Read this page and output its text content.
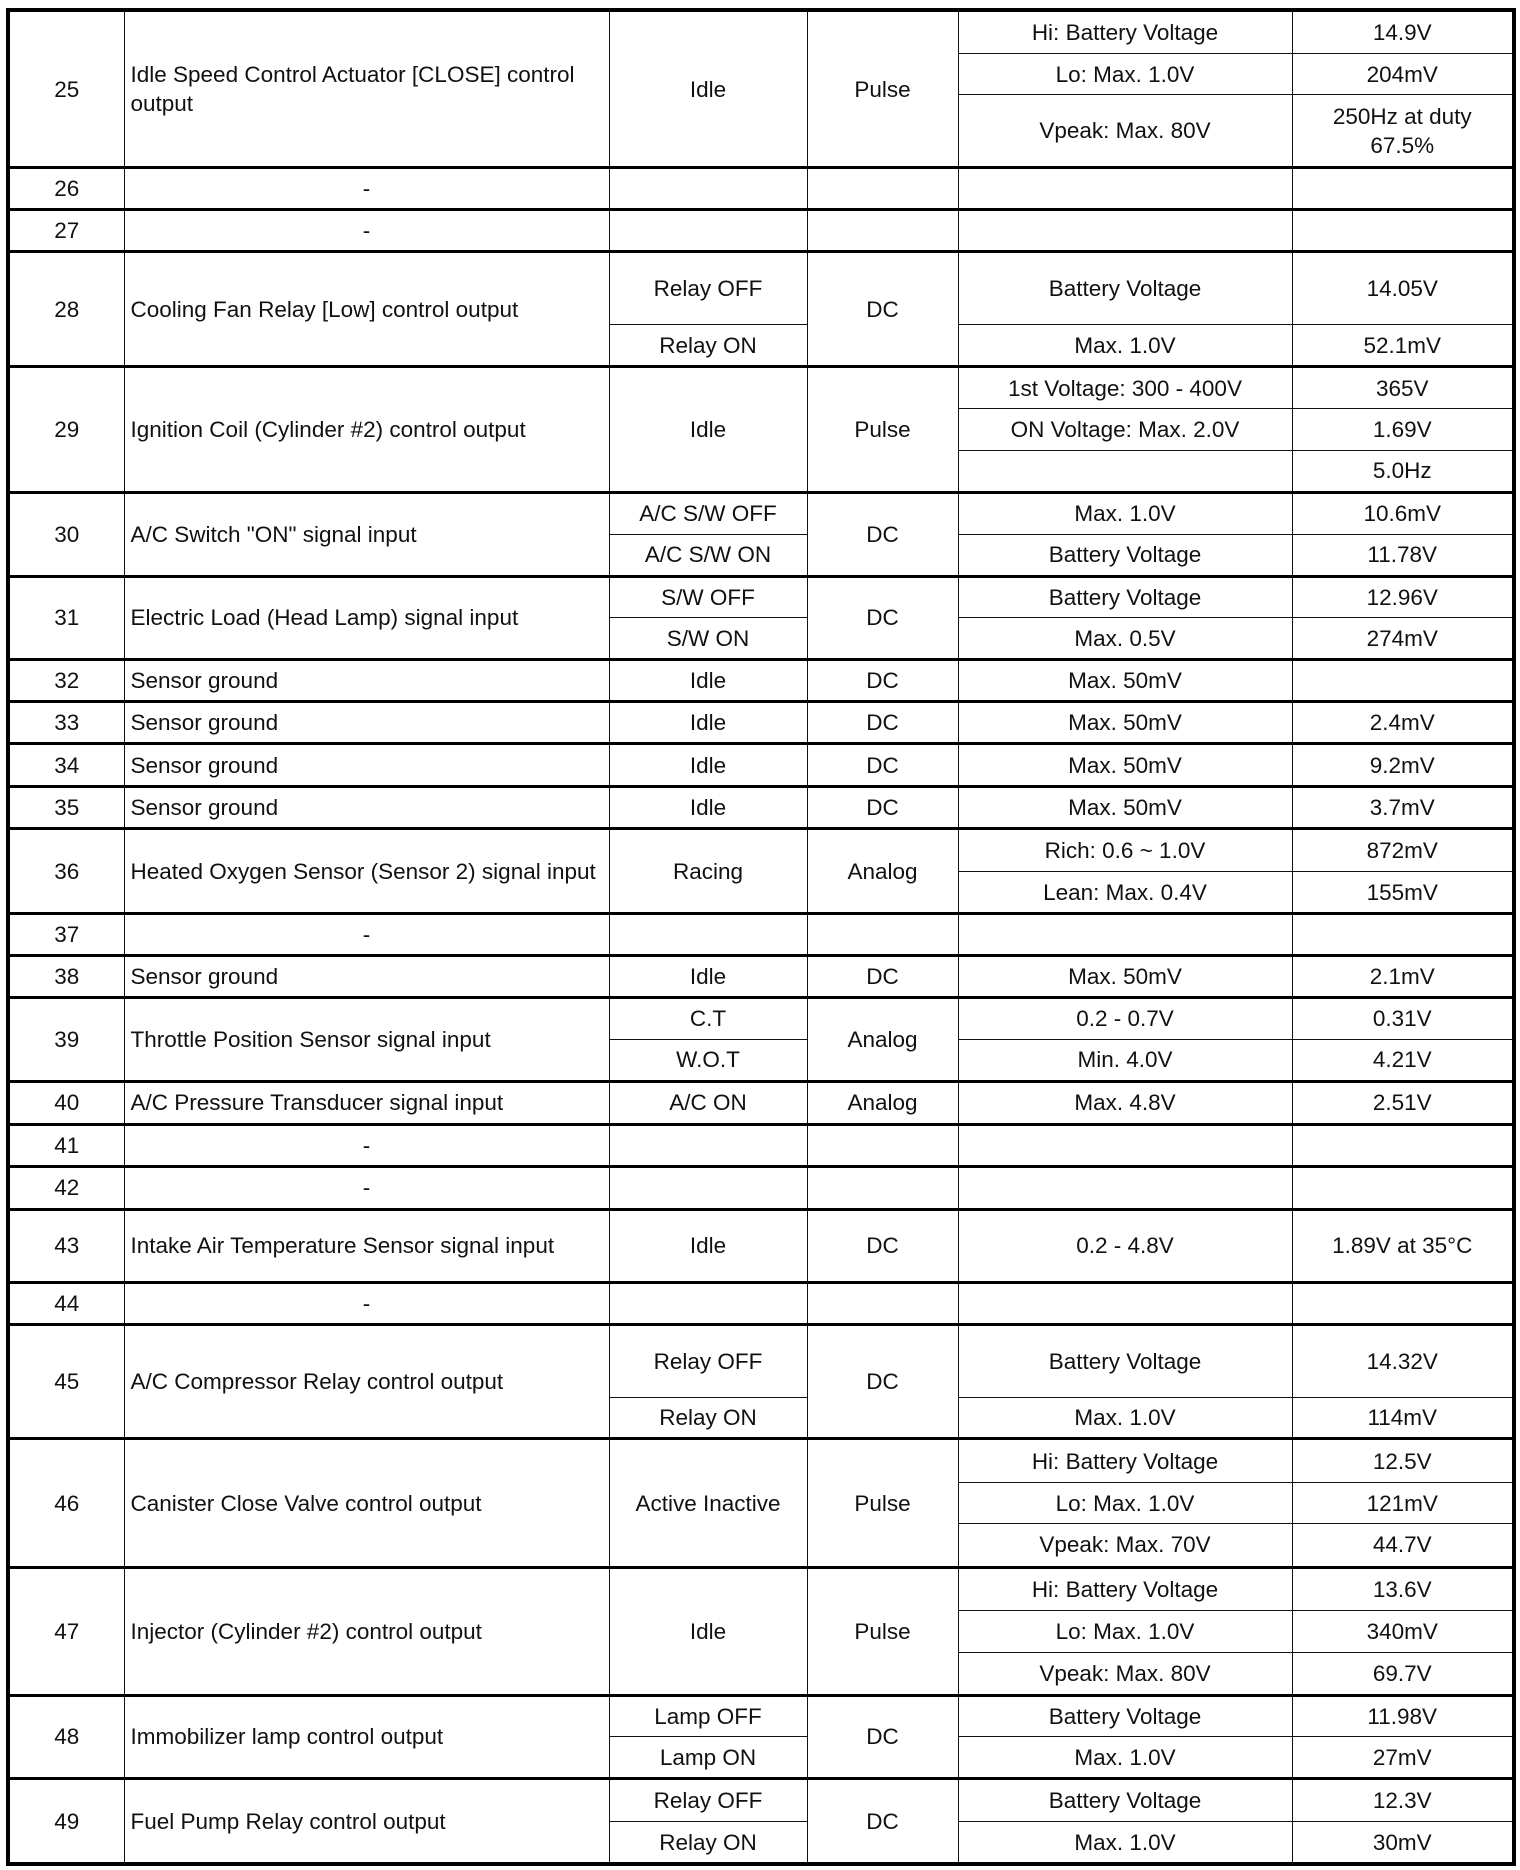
25	Idle Speed Control Actuator [CLOSE] control output	Idle	Pulse	Hi: Battery Voltage	14.9V
				Lo: Max. 1.0V	204mV
				Vpeak: Max. 80V	250Hz at duty 67.5%
26	-				
27	-				
28	Cooling Fan Relay [Low] control output	Relay OFF	DC	Battery Voltage	14.05V
		Relay ON		Max. 1.0V	52.1mV
29	Ignition Coil (Cylinder #2) control output	Idle	Pulse	1st Voltage: 300 - 400V	365V
				ON Voltage: Max. 2.0V	1.69V
					5.0Hz
30	A/C Switch "ON" signal input	A/C S/W OFF	DC	Max. 1.0V	10.6mV
		A/C S/W ON		Battery Voltage	11.78V
31	Electric Load (Head Lamp) signal input	S/W OFF	DC	Battery Voltage	12.96V
		S/W ON		Max. 0.5V	274mV
32	Sensor ground	Idle	DC	Max. 50mV	
33	Sensor ground	Idle	DC	Max. 50mV	2.4mV
34	Sensor ground	Idle	DC	Max. 50mV	9.2mV
35	Sensor ground	Idle	DC	Max. 50mV	3.7mV
36	Heated Oxygen Sensor (Sensor 2) signal input	Racing	Analog	Rich: 0.6 ~ 1.0V	872mV
				Lean: Max. 0.4V	155mV
37	-				
38	Sensor ground	Idle	DC	Max. 50mV	2.1mV
39	Throttle Position Sensor signal input	C.T	Analog	0.2 - 0.7V	0.31V
		W.O.T		Min. 4.0V	4.21V
40	A/C Pressure Transducer signal input	A/C ON	Analog	Max. 4.8V	2.51V
41	-				
42	-				
43	Intake Air Temperature Sensor signal input	Idle	DC	0.2 - 4.8V	1.89V at 35°C
44	-				
45	A/C Compressor Relay control output	Relay OFF	DC	Battery Voltage	14.32V
		Relay ON		Max. 1.0V	114mV
46	Canister Close Valve control output	Active Inactive	Pulse	Hi: Battery Voltage	12.5V
				Lo: Max. 1.0V	121mV
				Vpeak: Max. 70V	44.7V
47	Injector (Cylinder #2) control output	Idle	Pulse	Hi: Battery Voltage	13.6V
				Lo: Max. 1.0V	340mV
				Vpeak: Max. 80V	69.7V
48	Immobilizer lamp control output	Lamp OFF	DC	Battery Voltage	11.98V
		Lamp ON		Max. 1.0V	27mV
49	Fuel Pump Relay control output	Relay OFF	DC	Battery Voltage	12.3V
		Relay ON		Max. 1.0V	30mV
